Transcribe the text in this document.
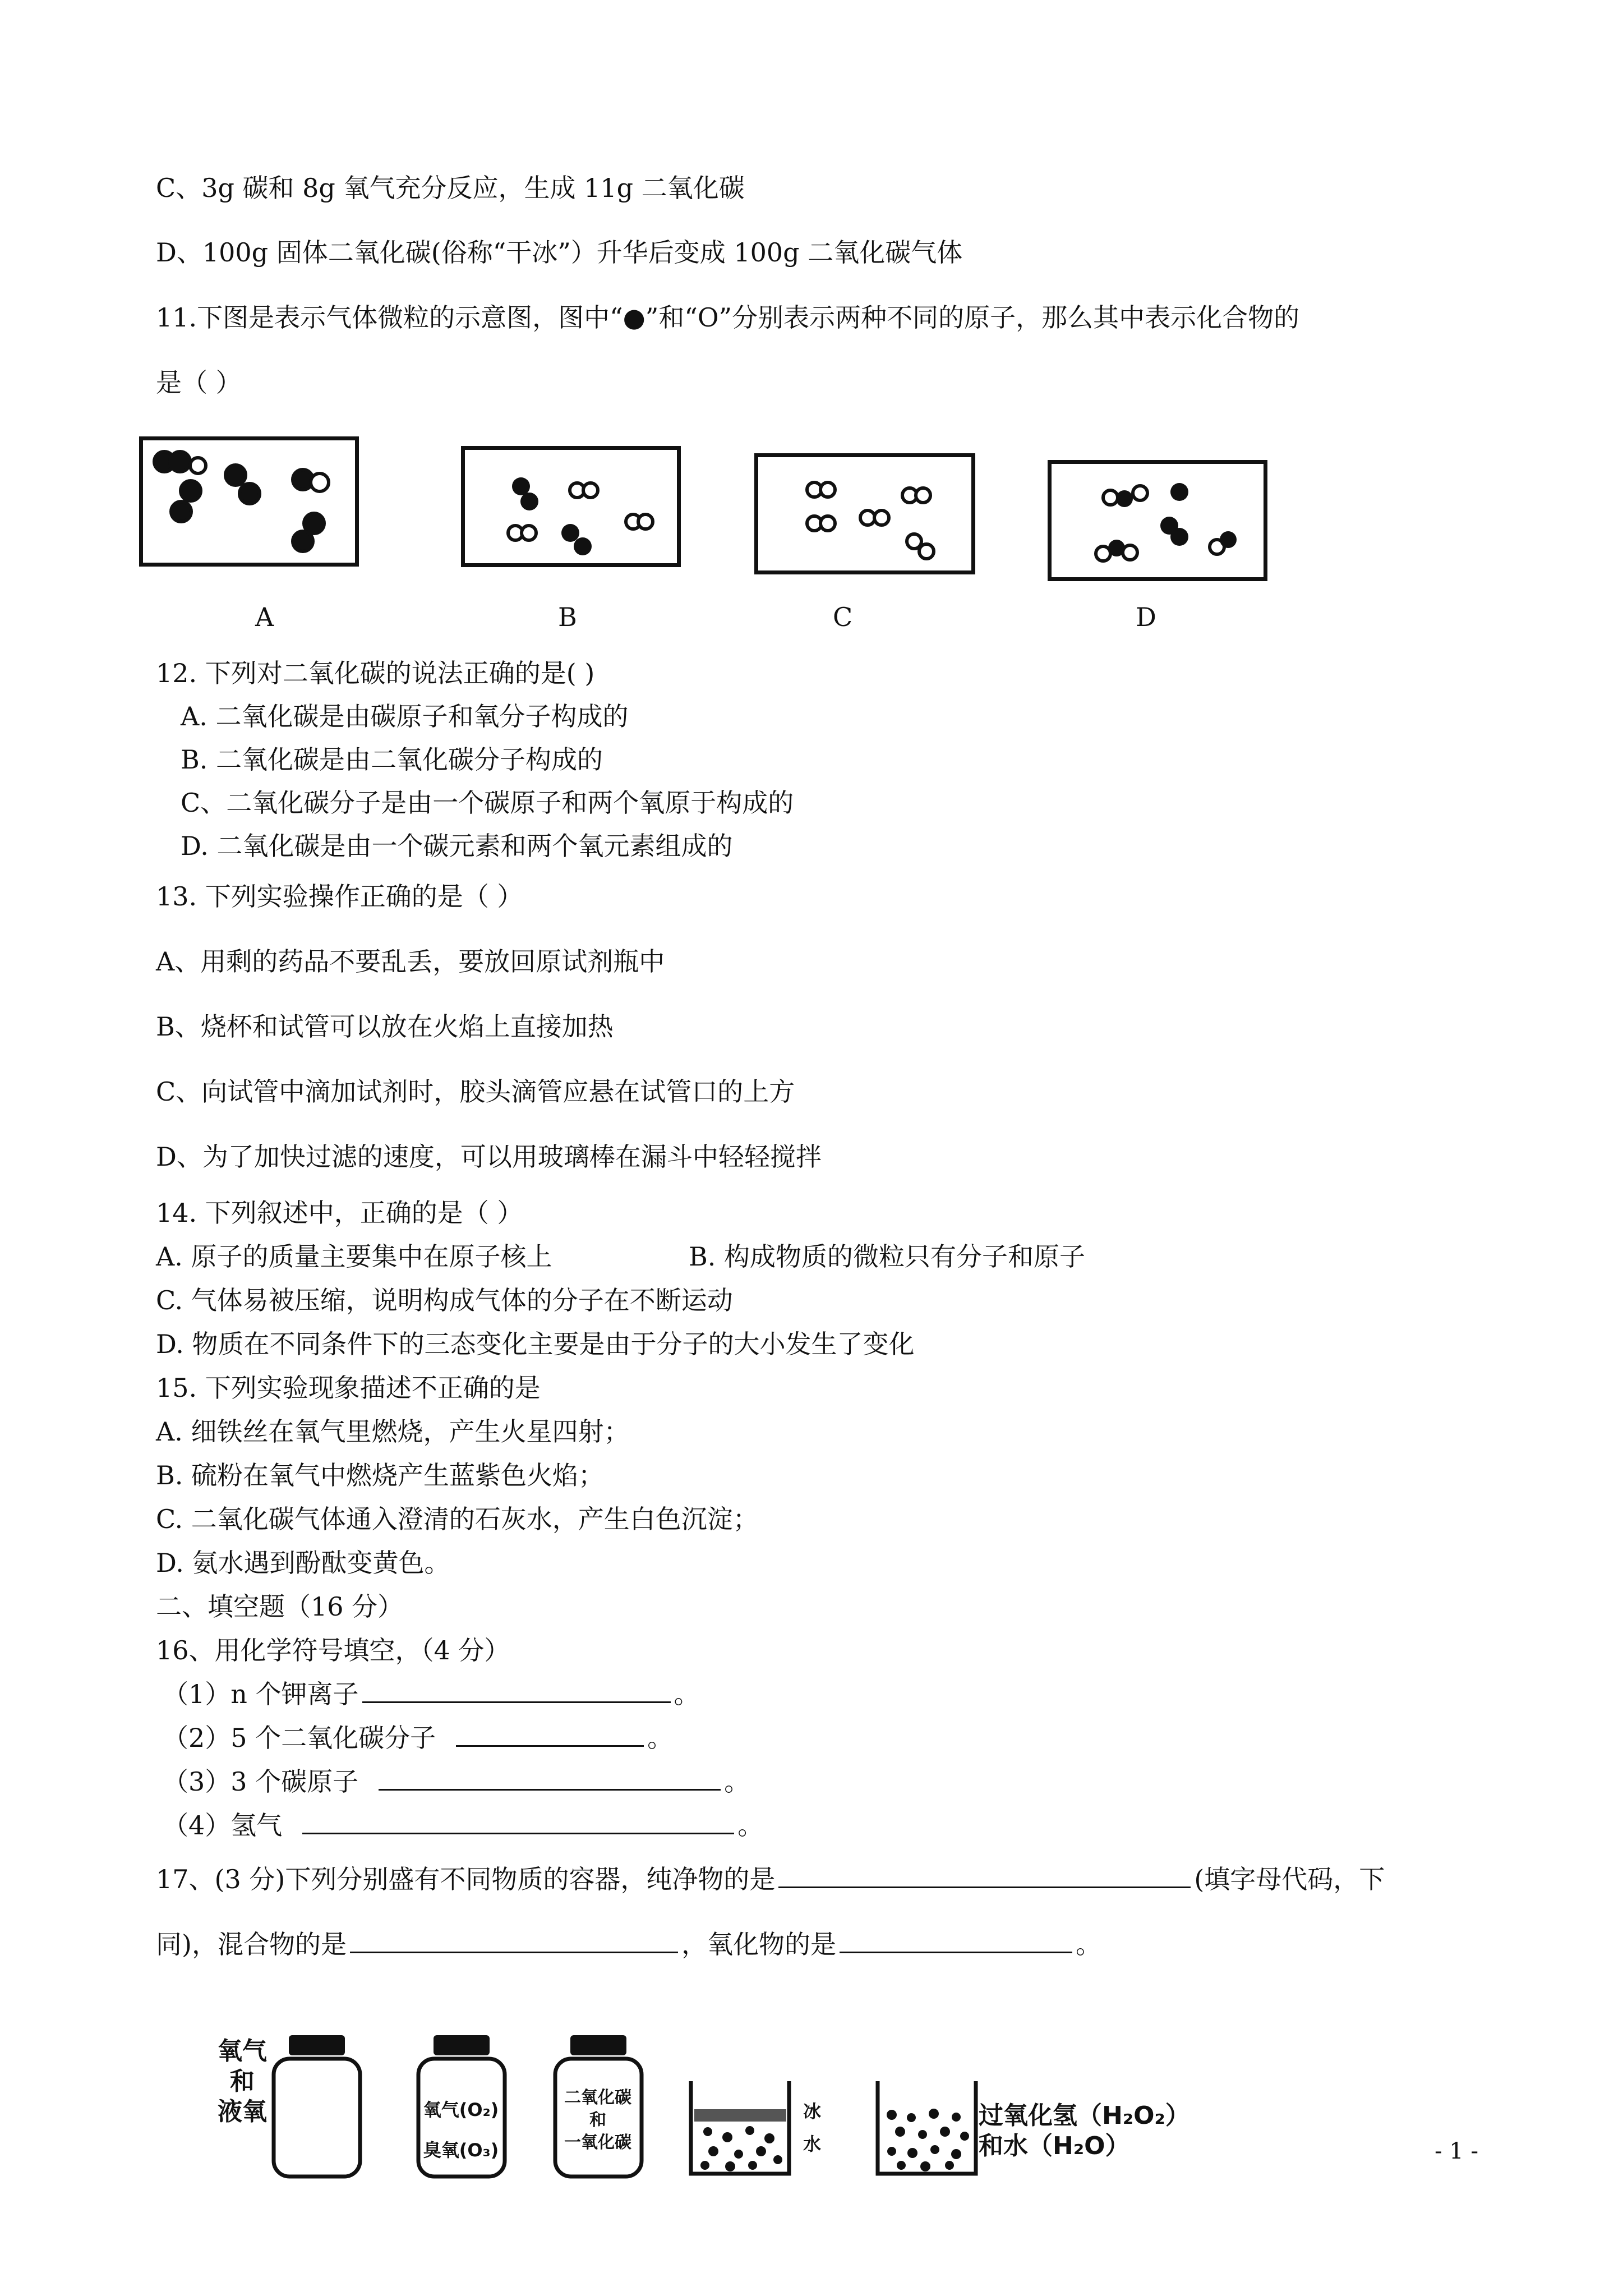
C、3g 碳和 8g 氧气充分反应，生成 11g 二氧化碳
D、100g 固体二氧化碳(俗称“干冰”）升华后变成 100g 二氧化碳气体
11.下图是表示气体微粒的示意图，图中“●”和“O”分别表示两种不同的原子，那么其中表示化合物的
是（ ）
A	B	C	D
12. 下列对二氧化碳的说法正确的是( )
A. 二氧化碳是由碳原子和氧分子构成的
B. 二氧化碳是由二氧化碳分子构成的
C、二氧化碳分子是由一个碳原子和两个氧原于构成的
D. 二氧化碳是由一个碳元素和两个氧元素组成的
13. 下列实验操作正确的是（ ）
A、用剩的药品不要乱丢，要放回原试剂瓶中
B、烧杯和试管可以放在火焰上直接加热
C、向试管中滴加试剂时，胶头滴管应悬在试管口的上方
D、为了加快过滤的速度，可以用玻璃棒在漏斗中轻轻搅拌
14. 下列叙述中，正确的是（ ）
A. 原子的质量主要集中在原子核上	B. 构成物质的微粒只有分子和原子
C. 气体易被压缩，说明构成气体的分子在不断运动
D. 物质在不同条件下的三态变化主要是由于分子的大小发生了变化
15. 下列实验现象描述不正确的是
A. 细铁丝在氧气里燃烧，产生火星四射；
B. 硫粉在氧气中燃烧产生蓝紫色火焰；
C. 二氧化碳气体通入澄清的石灰水，产生白色沉淀；
D. 氨水遇到酚酞变黄色。
二、填空题（16 分）
16、用化学符号填空，（4 分）
（1）n 个钾离子	。
（2）5 个二氧化碳分子	。
（3）3 个碳原子	。
（4）氢气	。
17、(3 分)下列分别盛有不同物质的容器，纯净物的是	(填字母代码，下
同)，混合物的是	，氧化物的是	。
氧气
和
液氧	氧气(O₂)
臭氧(O₃)
二氧化碳
和
一氧化碳
冰
水
过氧化氢（H₂O₂）
和水（H₂O）	- 1 -
